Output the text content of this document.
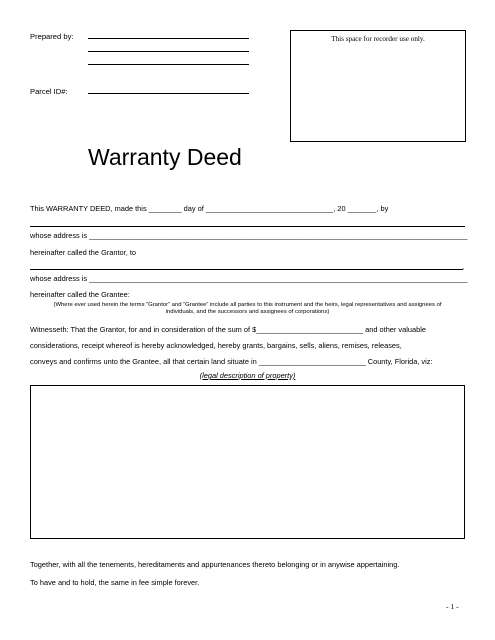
Prepared by:
Parcel ID#:
This space for recorder use only.
Warranty Deed
This WARRANTY DEED, made this ________ day of _______________________________, 20 _______, by
whose address is ____________________________________________________________________________________________
hereinafter called the Grantor, to
,
whose address is ____________________________________________________________________________________________
hereinafter called the Grantee:
(Where ever used herein the terms “Grantor” and “Grantee” include all parties to this instrument and the heirs, legal representatives and assignees of
individuals, and the successors and assignees of corporations)
Witnesseth: That the Grantor, for and in consideration of the sum of $__________________________ and other valuable
considerations, receipt whereof is hereby acknowledged, hereby grants, bargains, sells, aliens, remises, releases,
conveys and confirms unto the Grantee, all that certain land situate in __________________________ County, Florida, viz:
(legal description of property)
Together, with all the tenements, hereditaments and appurtenances thereto belonging or in anywise appertaining.
To have and to hold, the same in fee simple forever.
- 1 -
